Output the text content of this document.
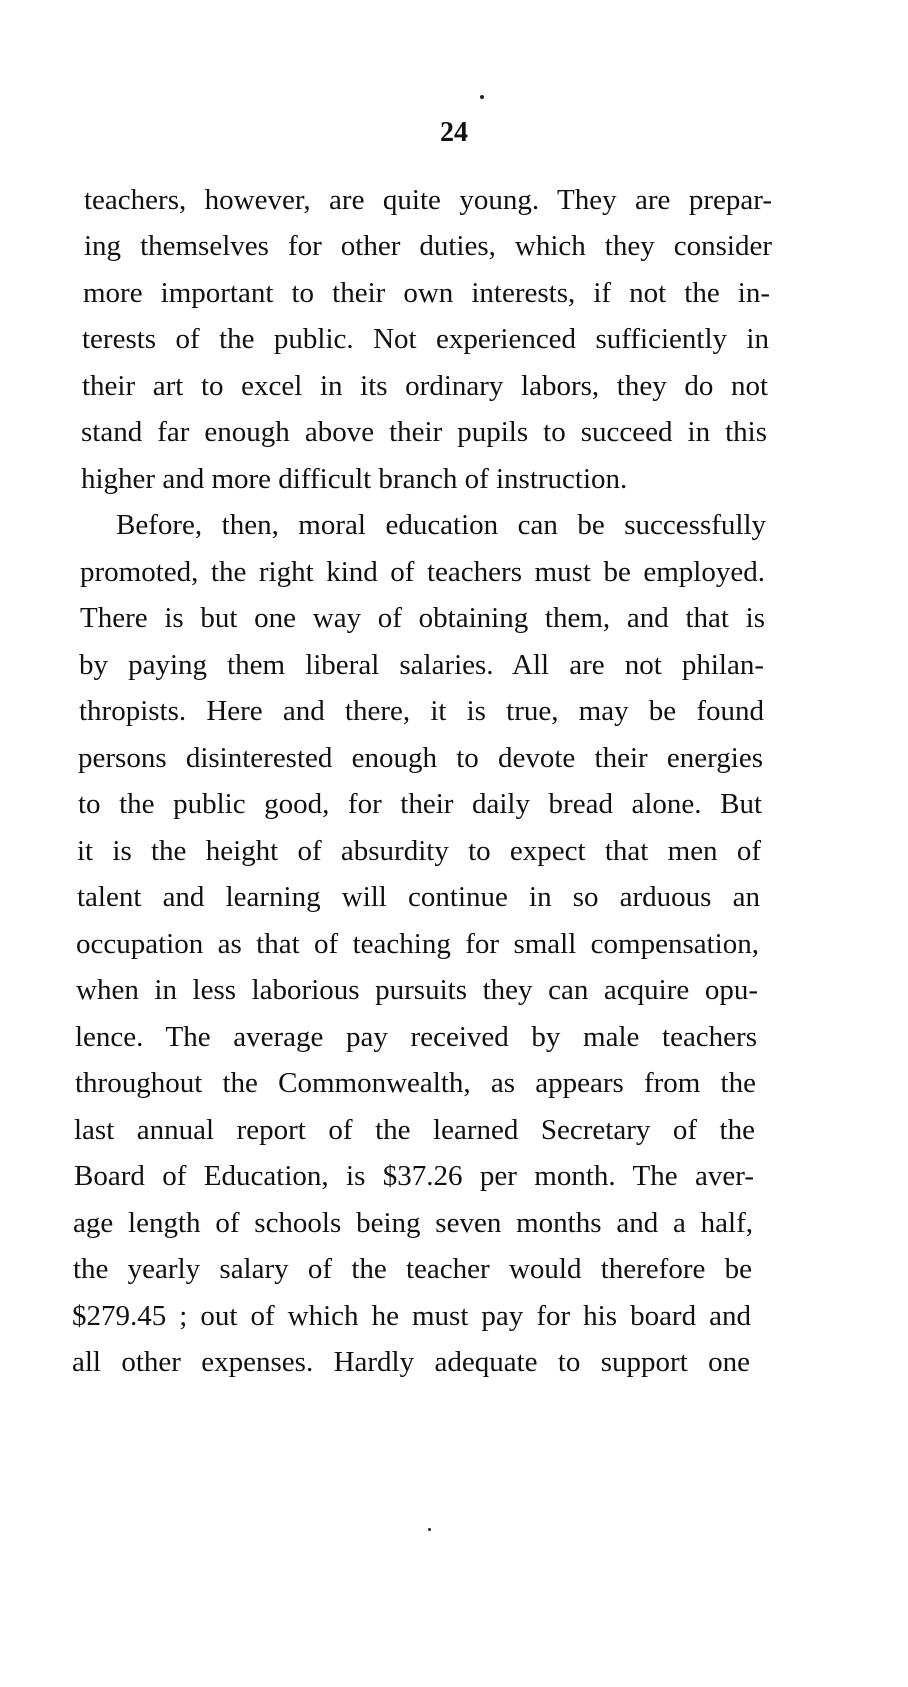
24
teachers, however, are quite young. They are prepar-
ing themselves for other duties, which they consider
more important to their own interests, if not the in-
terests of the public. Not experienced sufficiently in
their art to excel in its ordinary labors, they do not
stand far enough above their pupils to succeed in this
higher and more difficult branch of instruction.
Before, then, moral education can be successfully
promoted, the right kind of teachers must be employed.
There is but one way of obtaining them, and that is
by paying them liberal salaries. All are not philan-
thropists. Here and there, it is true, may be found
persons disinterested enough to devote their energies
to the public good, for their daily bread alone. But
it is the height of absurdity to expect that men of
talent and learning will continue in so arduous an
occupation as that of teaching for small compensation,
when in less laborious pursuits they can acquire opu-
lence. The average pay received by male teachers
throughout the Commonwealth, as appears from the
last annual report of the learned Secretary of the
Board of Education, is $37.26 per month. The aver-
age length of schools being seven months and a half,
the yearly salary of the teacher would therefore be
$279.45 ; out of which he must pay for his board and
all other expenses. Hardly adequate to support one
